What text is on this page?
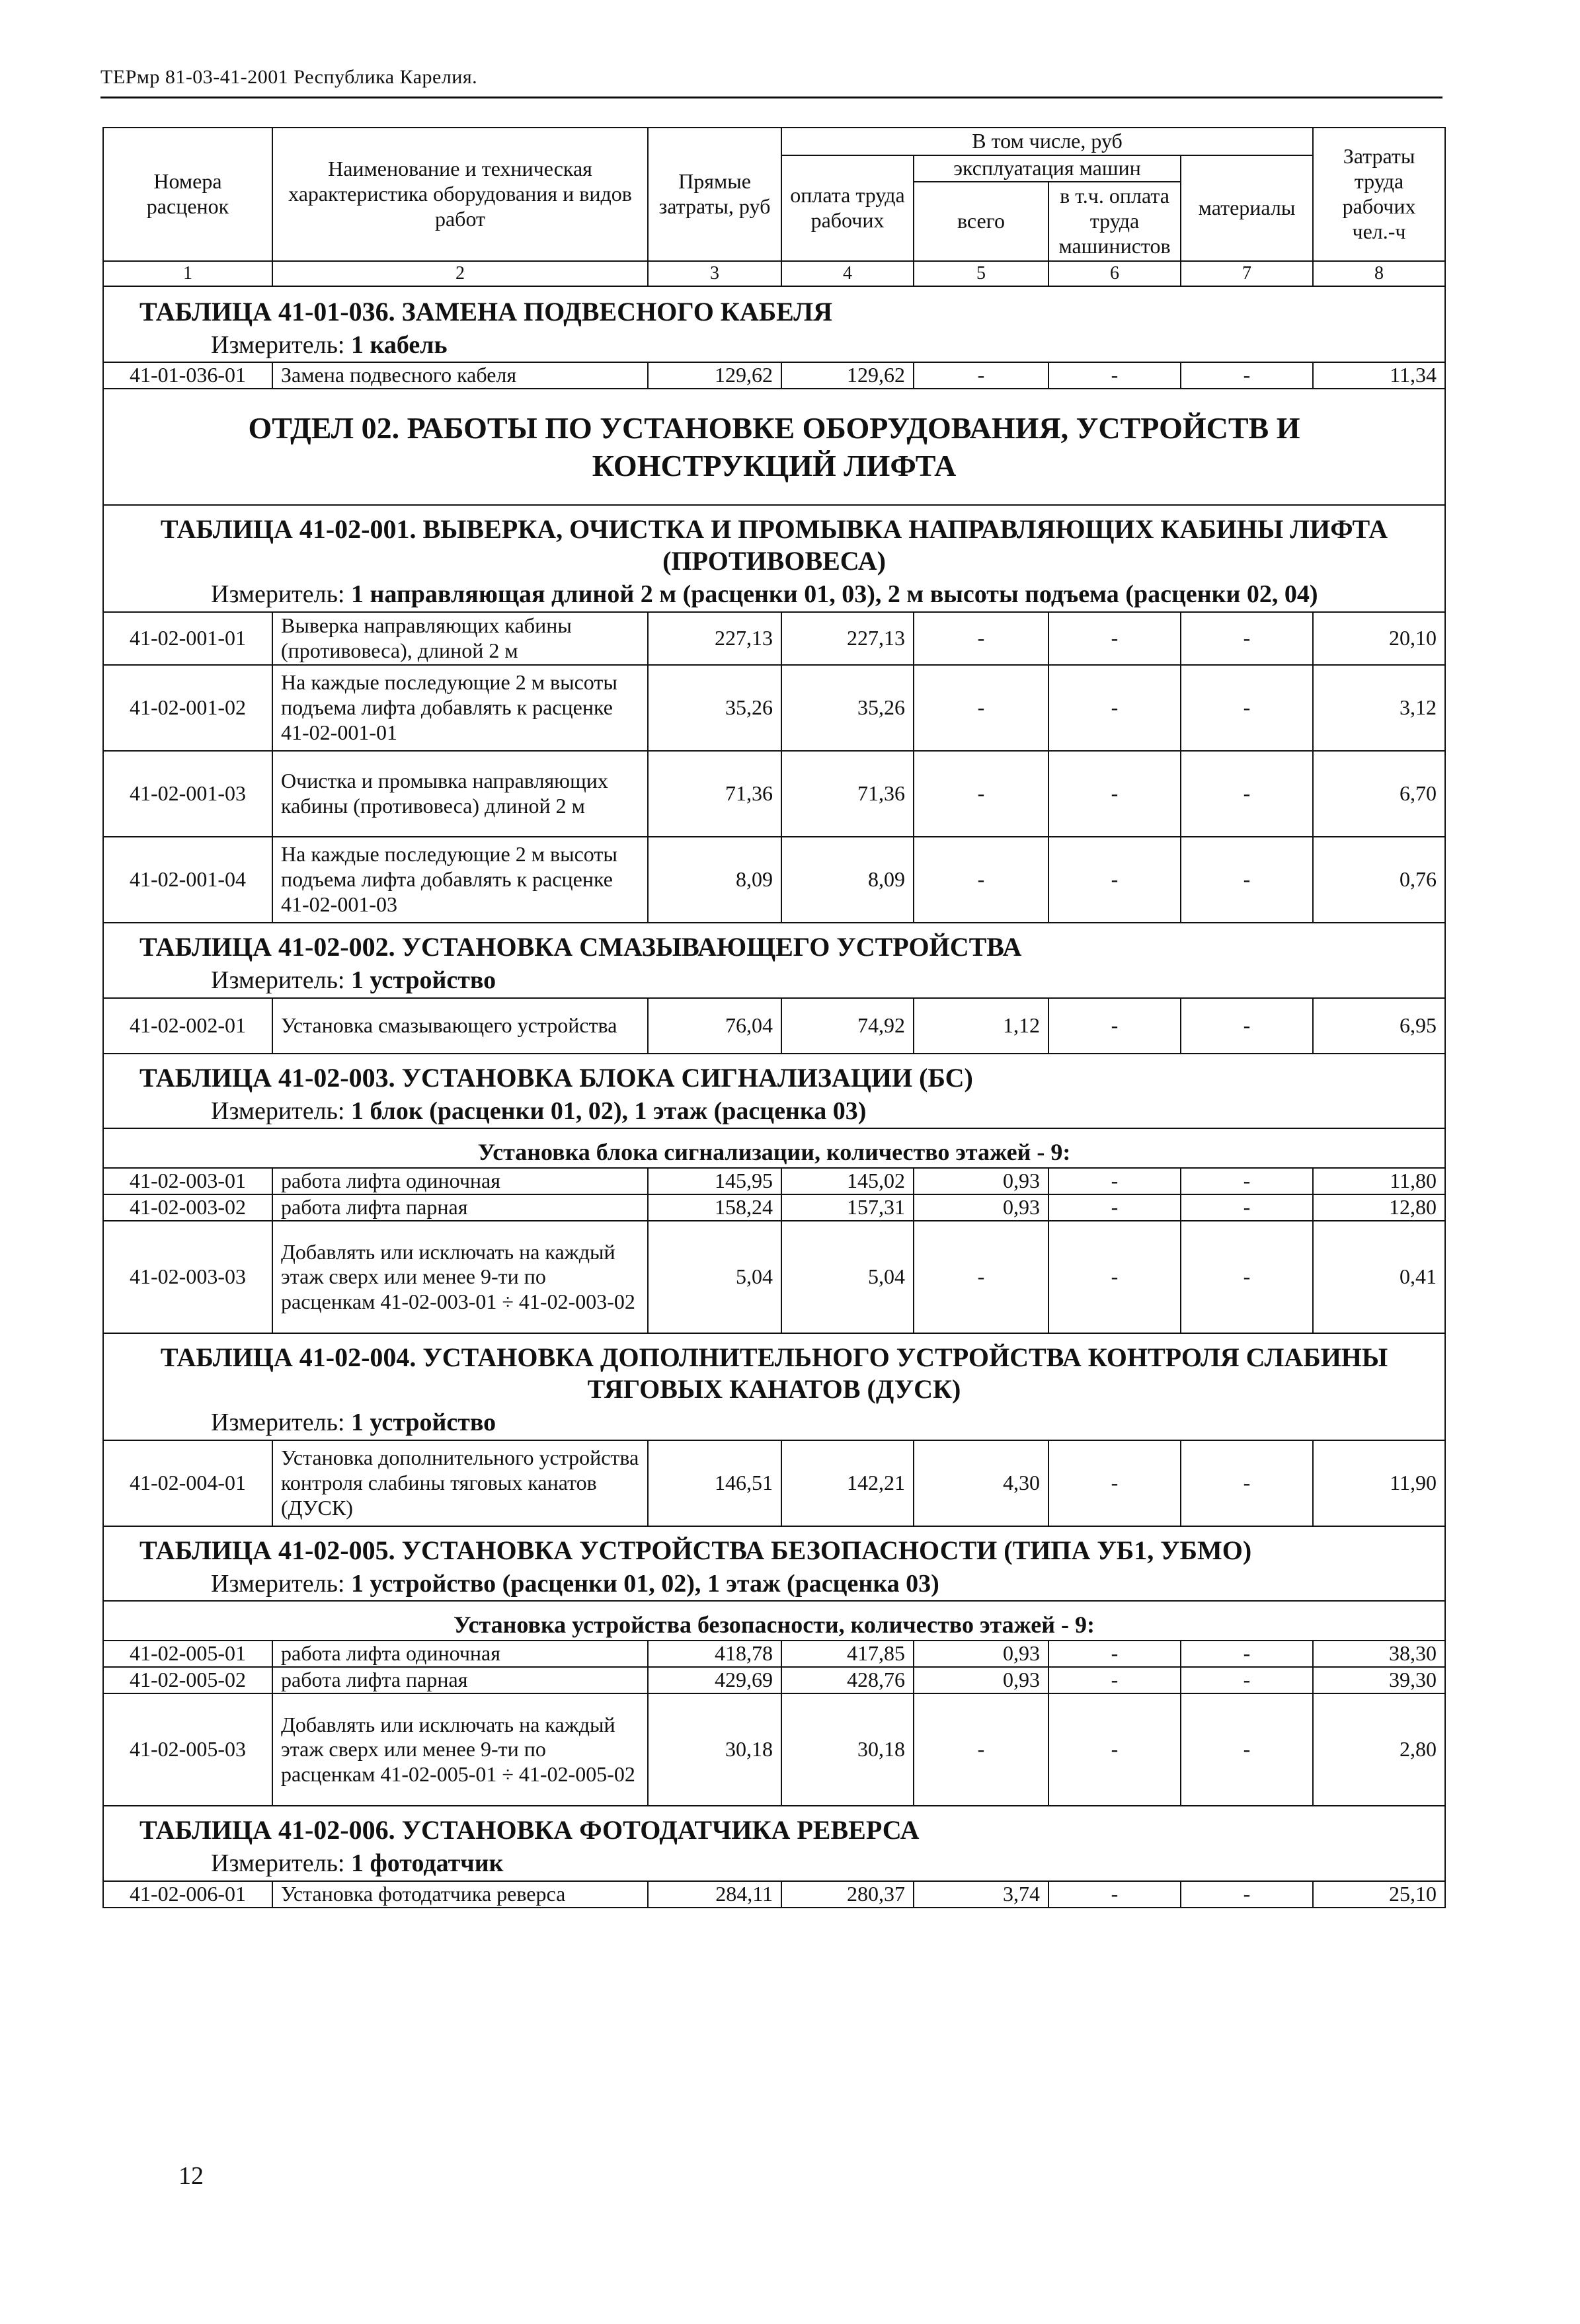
ТЕРмр 81-03-41-2001 Республика Карелия.
Номера расценок	Наименование и техническая характеристика оборудования и видов работ	Прямые затраты, руб	В том числе, руб				Затраты труда рабочих чел.-ч
			оплата труда рабочих	эксплуатация машин		материалы	
				всего	в т.ч. оплата труда машинистов		

1	2	3	4	5	6	7	8

ТАБЛИЦА 41-01-036. ЗАМЕНА ПОДВЕСНОГО КАБЕЛЯ							

Измеритель: 1 кабель							

41-01-036-01	Замена подвесного кабеля	129,62	129,62	-	-	-	11,34

ОТДЕЛ 02. РАБОТЫ ПО УСТАНОВКЕ ОБОРУДОВАНИЯ, УСТРОЙСТВ И КОНСТРУКЦИЙ ЛИФТА							

ТАБЛИЦА 41-02-001. ВЫВЕРКА, ОЧИСТКА И ПРОМЫВКА НАПРАВЛЯЮЩИХ КАБИНЫ ЛИФТА (ПРОТИВОВЕСА)							

Измеритель: 1 направляющая длиной 2 м (расценки 01, 03), 2 м высоты подъема (расценки 02, 04)							

41-02-001-01	Выверка направляющих кабины (противовеса), длиной 2 м	227,13	227,13	-	-	-	20,10
41-02-001-02	На каждые последующие 2 м высоты подъема лифта добавлять к расценке 41-02-001-01	35,26	35,26	-	-	-	3,12
41-02-001-03	Очистка и промывка направляющих кабины (противовеса) длиной 2 м	71,36	71,36	-	-	-	6,70
41-02-001-04	На каждые последующие 2 м высоты подъема лифта добавлять к расценке 41-02-001-03	8,09	8,09	-	-	-	0,76

ТАБЛИЦА 41-02-002. УСТАНОВКА СМАЗЫВАЮЩЕГО УСТРОЙСТВА							

Измеритель: 1 устройство							

41-02-002-01	Установка смазывающего устройства	76,04	74,92	1,12	-	-	6,95

ТАБЛИЦА 41-02-003. УСТАНОВКА БЛОКА СИГНАЛИЗАЦИИ (БС)							

Измеритель: 1 блок (расценки 01, 02), 1 этаж (расценка 03)							

Установка блока сигнализации, количество этажей - 9:							

41-02-003-01	работа лифта одиночная	145,95	145,02	0,93	-	-	11,80
41-02-003-02	работа лифта парная	158,24	157,31	0,93	-	-	12,80
41-02-003-03	Добавлять или исключать на каждый этаж сверх или менее 9-ти по расценкам 41-02-003-01 ÷ 41-02-003-02	5,04	5,04	-	-	-	0,41

ТАБЛИЦА 41-02-004. УСТАНОВКА ДОПОЛНИТЕЛЬНОГО УСТРОЙСТВА КОНТРОЛЯ СЛАБИНЫ ТЯГОВЫХ КАНАТОВ (ДУСК)							

Измеритель: 1 устройство							

41-02-004-01	Установка дополнительного устройства контроля слабины тяговых канатов (ДУСК)	146,51	142,21	4,30	-	-	11,90

ТАБЛИЦА 41-02-005. УСТАНОВКА УСТРОЙСТВА БЕЗОПАСНОСТИ (ТИПА УБ1, УБМО)							

Измеритель: 1 устройство (расценки 01, 02), 1 этаж (расценка 03)							

Установка устройства безопасности, количество этажей - 9:							

41-02-005-01	работа лифта одиночная	418,78	417,85	0,93	-	-	38,30
41-02-005-02	работа лифта парная	429,69	428,76	0,93	-	-	39,30
41-02-005-03	Добавлять или исключать на каждый этаж сверх или менее 9-ти по расценкам 41-02-005-01 ÷ 41-02-005-02	30,18	30,18	-	-	-	2,80

ТАБЛИЦА 41-02-006. УСТАНОВКА ФОТОДАТЧИКА РЕВЕРСА							

Измеритель: 1 фотодатчик							

41-02-006-01	Установка фотодатчика реверса	284,11	280,37	3,74	-	-	25,10
12
